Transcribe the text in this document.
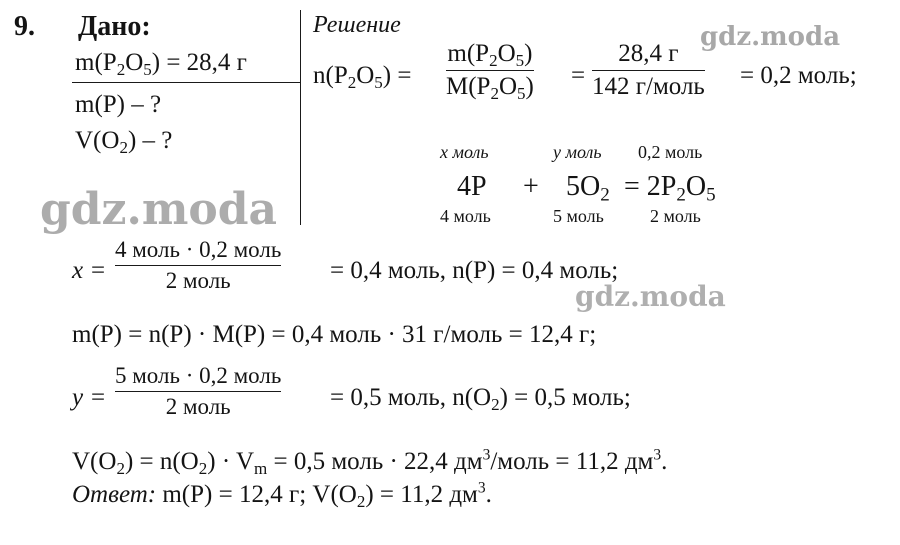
9. Дано:
$m(P_2O_5) = 28,4$ г
m(P) – ?
$V(O_2)$ – ?
Решение
$n(P_2O_5)$ =
$m(P_2O_5)$
$M(P_2O_5)$ =
28,4 г
142 г/моль = 0,2 моль;
x моль	y моль 0,2 моль
$4P + 5O_2 = 2P_2O_5$
4 моль	5 моль	2 моль
x =
4 моль · 0,2 моль
2 моль	= 0,4 моль, n(P) = 0,4 моль;
m(P) = n(P) · M(P) = 0,4 моль · 31 г/моль = 12,4 г;
y =
5 моль · 0,2 моль
2 моль	= 0,5 моль, $n(O_2) = 0,5$ моль;
$V(O_2) = n(O_2) \cdot V_m = 0,5$ моль · 22,4 $дм^3$/моль = 11,2 $дм^3$.
Ответ: m(P) = 12,4 г; $V(O_2) = 11,2$ $дм^3$.
gdz.moda
gdz.moda
gdz.moda
